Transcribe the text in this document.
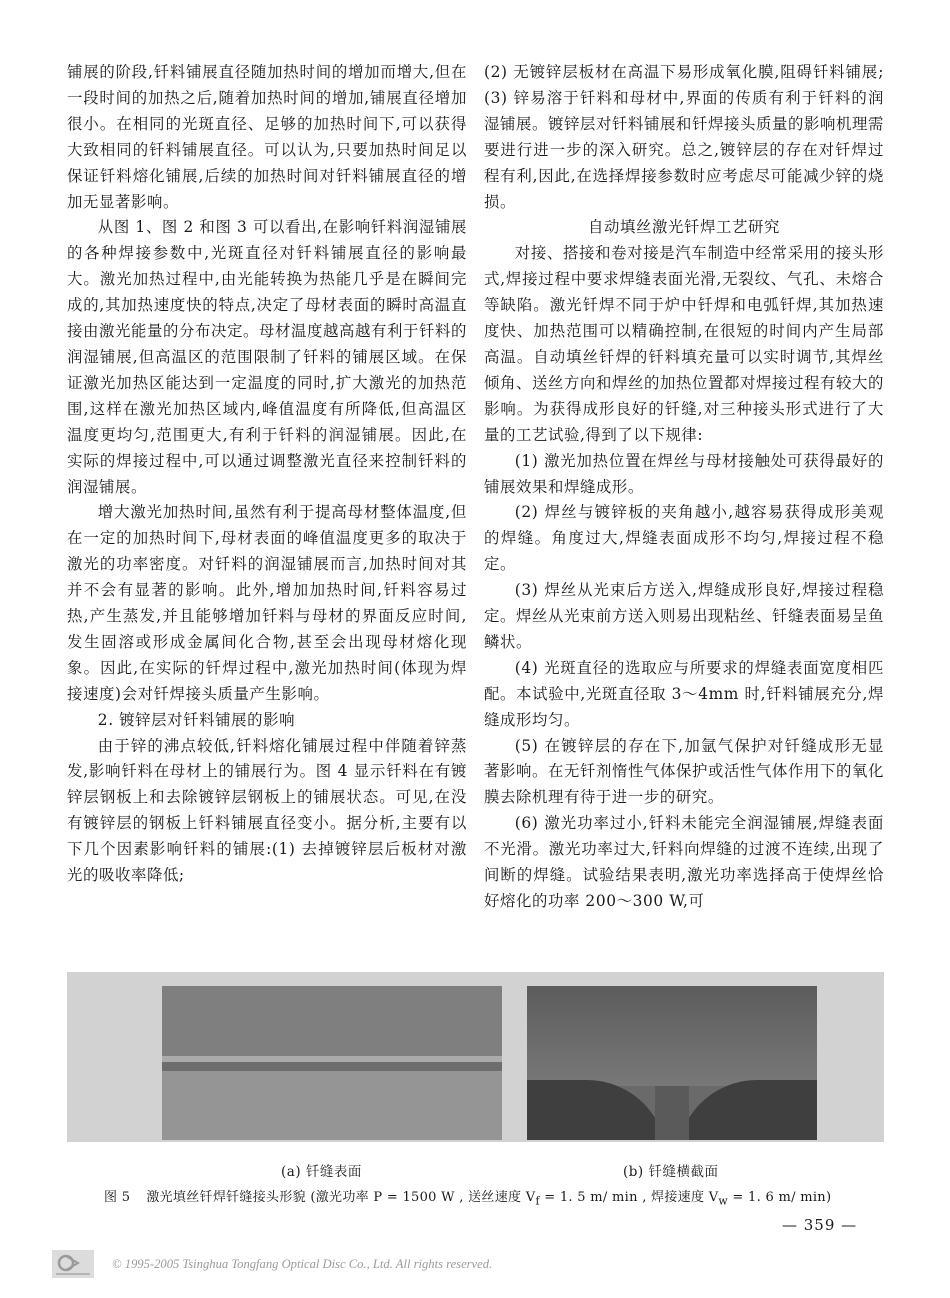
铺展的阶段,钎料铺展直径随加热时间的增加而增大,但在一段时间的加热之后,随着加热时间的增加,铺展直径增加很小。在相同的光斑直径、足够的加热时间下,可以获得大致相同的钎料铺展直径。可以认为,只要加热时间足以保证钎料熔化铺展,后续的加热时间对钎料铺展直径的增加无显著影响。

从图 1、图 2 和图 3 可以看出,在影响钎料润湿铺展的各种焊接参数中,光斑直径对钎料铺展直径的影响最大。激光加热过程中,由光能转换为热能几乎是在瞬间完成的,其加热速度快的特点,决定了母材表面的瞬时高温直接由激光能量的分布决定。母材温度越高越有利于钎料的润湿铺展,但高温区的范围限制了钎料的铺展区域。在保证激光加热区能达到一定温度的同时,扩大激光的加热范围,这样在激光加热区域内,峰值温度有所降低,但高温区温度更均匀,范围更大,有利于钎料的润湿铺展。因此,在实际的焊接过程中,可以通过调整激光直径来控制钎料的润湿铺展。

增大激光加热时间,虽然有利于提高母材整体温度,但在一定的加热时间下,母材表面的峰值温度更多的取决于激光的功率密度。对钎料的润湿铺展而言,加热时间对其并不会有显著的影响。此外,增加加热时间,钎料容易过热,产生蒸发,并且能够增加钎料与母材的界面反应时间,发生固溶或形成金属间化合物,甚至会出现母材熔化现象。因此,在实际的钎焊过程中,激光加热时间(体现为焊接速度)会对钎焊接头质量产生影响。

2. 镀锌层对钎料铺展的影响

由于锌的沸点较低,钎料熔化铺展过程中伴随着锌蒸发,影响钎料在母材上的铺展行为。图 4 显示钎料在有镀锌层钢板上和去除镀锌层钢板上的铺展状态。可见,在没有镀锌层的钢板上钎料铺展直径变小。据分析,主要有以下几个因素影响钎料的铺展:(1) 去掉镀锌层后板材对激光的吸收率降低;

(2) 无镀锌层板材在高温下易形成氧化膜,阻碍钎料铺展;(3) 锌易溶于钎料和母材中,界面的传质有利于钎料的润湿铺展。镀锌层对钎料铺展和钎焊接头质量的影响机理需要进行进一步的深入研究。总之,镀锌层的存在对钎焊过程有利,因此,在选择焊接参数时应考虑尽可能减少锌的烧损。

自动填丝激光钎焊工艺研究

对接、搭接和卷对接是汽车制造中经常采用的接头形式,焊接过程中要求焊缝表面光滑,无裂纹、气孔、未熔合等缺陷。激光钎焊不同于炉中钎焊和电弧钎焊,其加热速度快、加热范围可以精确控制,在很短的时间内产生局部高温。自动填丝钎焊的钎料填充量可以实时调节,其焊丝倾角、送丝方向和焊丝的加热位置都对焊接过程有较大的影响。为获得成形良好的钎缝,对三种接头形式进行了大量的工艺试验,得到了以下规律:

(1) 激光加热位置在焊丝与母材接触处可获得最好的铺展效果和焊缝成形。

(2) 焊丝与镀锌板的夹角越小,越容易获得成形美观的焊缝。角度过大,焊缝表面成形不均匀,焊接过程不稳定。

(3) 焊丝从光束后方送入,焊缝成形良好,焊接过程稳定。焊丝从光束前方送入则易出现粘丝、钎缝表面易呈鱼鳞状。

(4) 光斑直径的选取应与所要求的焊缝表面宽度相匹配。本试验中,光斑直径取 3～4mm 时,钎料铺展充分,焊缝成形均匀。

(5) 在镀锌层的存在下,加氩气保护对钎缝成形无显著影响。在无钎剂惰性气体保护或活性气体作用下的氧化膜去除机理有待于进一步的研究。

(6) 激光功率过小,钎料未能完全润湿铺展,焊缝表面不光滑。激光功率过大,钎料向焊缝的过渡不连续,出现了间断的焊缝。试验结果表明,激光功率选择高于使焊丝恰好熔化的功率 200～300 W,可

(a) 钎缝表面	(b) 钎缝横截面
图 5 激光填丝钎焊钎缝接头形貌 (激光功率 P = 1500 W , 送丝速度 $V_f = 1$. 5 m/ min , 焊接速度 $V_w = 1$. 6 m/ min)
— 359 —
© 1995-2005 Tsinghua Tongfang Optical Disc Co., Ltd. All rights reserved.
